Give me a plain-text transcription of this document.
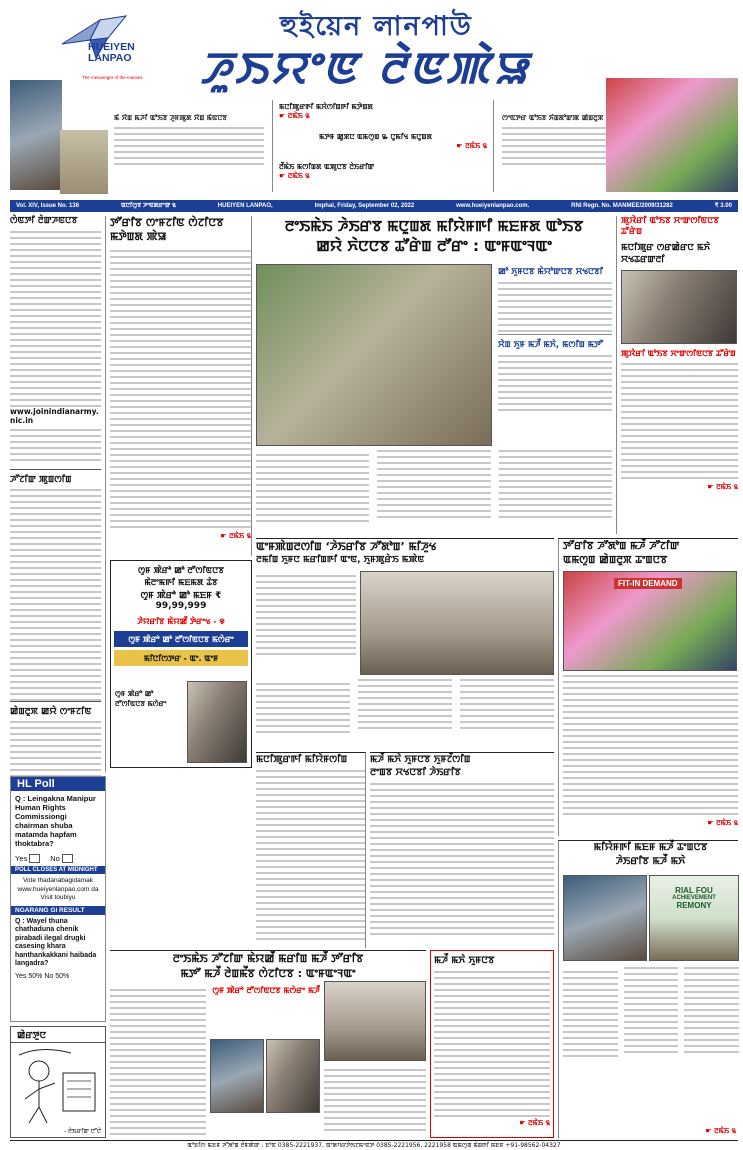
HUEIYEN LANPAO
The messenger of the masses
হুইয়েন লানপাউ
ꯍꯨꯏꯌꯦꯟ ꯂꯥꯟꯄꯥꯎ
ꯃꯥ ꯆꯥꯡ ꯃꯍꯤ ꯑꯣꯏꯕ ꯍꯨꯝꯄꯨꯗ ꯆꯥꯡ ꯃꯥꯟꯅꯕ
ꯃꯅꯤꯄꯨꯔꯒꯤ ꯃꯆꯥꯁꯤꯡꯒꯤ ꯃꯇꯥꯡꯗ
☛ ꯂꯃꯥꯏ ꯲
ꯃꯇꯝ ꯀꯨꯞꯅ ꯑꯃꯁꯨꯡ ꯳ ꯅꯨꯃꯤꯠ ꯃꯅꯨꯡꯗ
☛ ꯂꯃꯥꯏ ꯲
ꯂꯩꯃꯥꯏ ꯃꯁꯤꯡꯗ ꯑꯄꯨꯅꯕ ꯂꯥꯏꯔꯤꯛ
☛ ꯂꯃꯥꯏ ꯲
ꯁꯦꯟꯇꯔ ꯑꯣꯏꯕ ꯈꯥꯡꯗꯣꯛꯄ ꯀꯥꯡꯂꯨꯞ
Vol. XIV, Issue No. 136	ꯑꯅꯤꯁꯨꯕ ꯍꯦꯟꯗꯔꯦꯛ ꯲	HUEIYEN LANPAO,	Imphal, Friday, September 02, 2022	www.hueiyenlanpao.com.	RNI Regn. No. MANMEE/2009/31282	₹ 3.00
ꯁꯥꯟꯇꯤ ꯂꯥꯛꯍꯟꯅꯕ
www.joinindianarmy.nic.in
ꯍꯧꯖꯤꯛ ꯄꯨꯡꯁꯤꯡ
ꯀꯥꯡꯂꯨꯞ ꯀꯌꯥ ꯁꯦꯝꯖꯤꯟ
HL Poll
Q : Leingakna Manipur Human Rights Commissiongi chairman shuba matamda hapfam thoktabra?
Yes	No
POLL CLOSES AT MIDNIGHT
Vote thadanabagidamak www.hueiyenlanpao.com da Visit toubiyu
NGARANG GI RESULT
Q : Wayel thuna chathaduna chenik pirabadi ilegal drugki casesing khara hanthankakkani haibada langadra?
Yes 50% No 50%
ꯀꯥꯔꯇꯨꯅ
- ꯂꯥꯏꯔꯤꯛ ꯅꯧꯅꯥ
ꯇꯧꯔꯤꯕ ꯁꯦꯝꯖꯤꯟ ꯁꯥꯖꯤꯅꯕ ꯃꯇꯥꯡꯗ ꯄꯥꯎ
☛ ꯂꯃꯥꯏ ꯲
ꯁꯨꯝ ꯄꯥꯔꯣ ꯀꯣ ꯂꯧꯁꯤꯟꯅꯕ
ꯃꯥꯂꯦꯃꯒꯤ ꯃꯐꯃꯗ ꯊꯥꯕ
ꯁꯨꯝ ꯄꯥꯔꯣ ꯀꯣ ꯃꯐꯝ ₹ 99,99,999
ꯍꯥꯌꯔꯤꯕ ꯃꯥꯌꯀꯩ ꯇꯥꯔꯦꯠ - ꯶
ꯁꯨꯝ ꯄꯥꯔꯣ ꯀꯣ ꯂꯧꯁꯤꯟꯅꯕ ꯃꯁꯥꯔꯦ
ꯃꯤꯅꯤꯁꯇꯔ - ꯑꯦ. ꯑꯦꯝ
ꯁꯨꯝ ꯄꯥꯔꯣ ꯀꯣ ꯂꯧꯁꯤꯟꯅꯕ ꯃꯁꯥꯔꯦ
ꯂꯦꯏꯃꯥꯏ ꯍꯥꯏꯔꯕ ꯃꯅꯨꯡꯗ ꯃꯤꯌꯥꯝꯒꯤ ꯃꯐꯝꯗ ꯑꯣꯏꯕ
ꯀꯌꯥ ꯈꯥꯅꯅꯕ ꯊꯧꯔꯥꯡ ꯂꯧꯔꯦ : ꯑꯦꯝꯑꯦꯜꯑꯦ
ꯀꯣ ꯈꯨꯝꯅꯕ ꯃꯥꯌꯣꯛꯅꯕ ꯆꯠꯅꯕꯤ
ꯆꯥꯡ ꯈꯨꯝ ꯃꯍꯩ ꯃꯈꯥ, ꯃꯁꯤꯡ ꯃꯇꯧ
ꯄꯨꯋꯥꯔꯤ ꯑꯣꯏꯕ ꯆꯦꯛꯁꯤꯟꯅꯕ ꯊꯧꯔꯥꯡ
ꯃꯅꯤꯄꯨꯔ ꯁꯔꯀꯥꯔꯅ ꯃꯈꯥ ꯆꯠꯊꯔꯛꯂꯤ
ꯄꯨꯋꯥꯔꯤ ꯑꯣꯏꯕ ꯆꯦꯛꯁꯤꯟꯅꯕ ꯊꯧꯔꯥꯡ
☛ ꯂꯃꯥꯏ ꯲
ꯑꯦꯝꯄꯥꯡꯂꯁꯤꯡ ‘ꯍꯥꯏꯔꯤꯕ ꯍꯧꯗꯣꯡ’ ꯃꯤꯍꯨꯠ
ꯂꯃꯤꯡ ꯈꯨꯝꯅ ꯃꯔꯤꯡꯒꯤ ꯑꯦꯟ, ꯈꯨꯝꯄꯨꯔꯥꯏ ꯃꯄꯥꯟ
ꯃꯅꯤꯄꯨꯔꯒꯤ ꯃꯤꯌꯥꯝꯁꯤꯡ	ꯃꯍꯩ ꯃꯈꯥ ꯈꯨꯝꯅꯕ ꯈꯨꯝꯖꯩꯁꯤꯡ
ꯂꯦꯡꯕ ꯆꯠꯅꯕꯤ ꯍꯥꯏꯔꯤꯕ
ꯇꯧꯔꯤꯕ ꯍꯧꯗꯣꯡ ꯃꯍꯩ ꯍꯧꯖꯤꯛ
ꯑꯃꯁꯨꯡ ꯀꯥꯡꯂꯨꯞ ꯊꯦꯡꯅꯕ
FIT-IN DEMAND
☛ ꯂꯃꯥꯏ ꯲
ꯂꯦꯏꯃꯥꯏ ꯍꯧꯖꯤꯛ ꯃꯥꯌꯀꯩ ꯃꯔꯤꯡ ꯃꯍꯩ ꯇꯧꯔꯤꯕ
ꯃꯇꯧ ꯃꯍꯩ ꯂꯥꯡꯃꯩꯕ ꯁꯥꯖꯤꯅꯕ : ꯑꯦꯝꯑꯦꯜꯑꯦ
ꯁꯨꯝ ꯄꯥꯔꯣ ꯂꯧꯁꯤꯟꯅꯕ ꯃꯁꯥꯔꯦ ꯃꯍꯩ
ꯃꯍꯩ ꯃꯈꯥ ꯈꯨꯝꯅꯕ
☛ ꯂꯃꯥꯏ ꯲
ꯃꯤꯌꯥꯝꯒꯤ ꯃꯐꯝ ꯃꯍꯩ ꯊꯦꯡꯅꯕ
ꯍꯥꯏꯔꯤꯕ ꯃꯍꯩ ꯃꯈꯥ
RIAL FOU
ACHIEVEMENT
REMONY
☛ ꯂꯃꯥꯏ ꯲
ꯑꯣꯐꯤꯁ ꯃꯐꯝ ꯍꯧꯗꯣꯡ ꯂꯥꯝꯄꯥꯛ : ꯐꯣꯟ 0385-2221937, ꯑꯦꯗꯚꯔꯇꯥꯏꯖꯃꯦꯟꯇ 0385-2221956, 2221958 ꯑꯃꯁꯨꯡ ꯃꯥꯡꯒꯤ ꯃꯐꯝ +91-98562-04327
